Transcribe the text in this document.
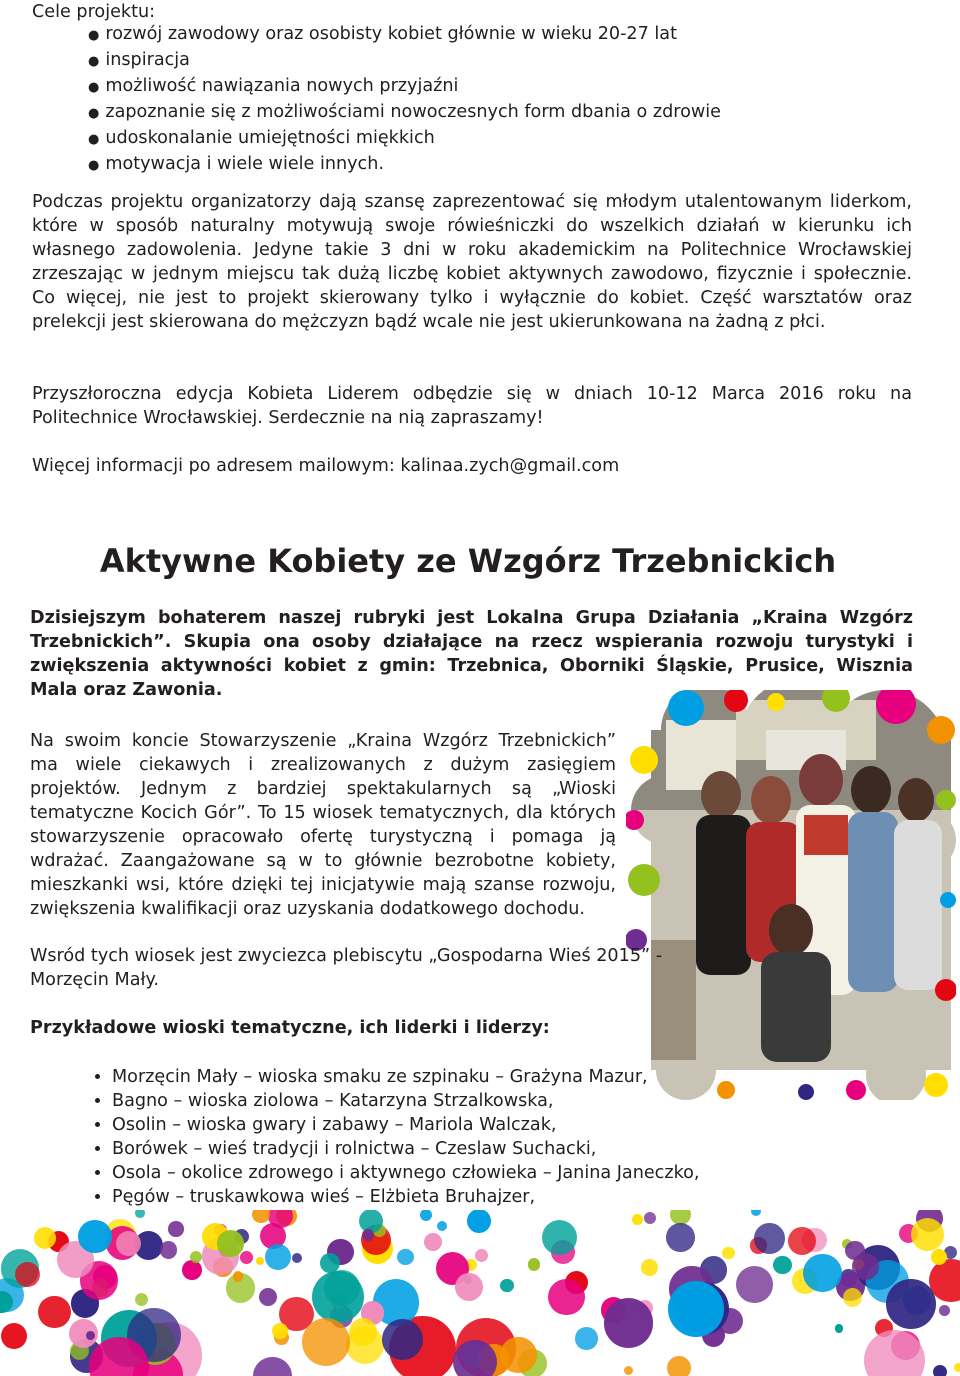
Cele projektu:
● rozwój zawodowy oraz osobisty kobiet głównie w wieku 20-27 lat
● inspiracja
● możliwość nawiązania nowych przyjaźni
● zapoznanie się z możliwościami nowoczesnych form dbania o zdrowie
● udoskonalanie umiejętności miękkich
● motywacja i wiele wiele innych.
Podczas projektu organizatorzy dają szansę zaprezentować się młodym utalentowanym liderkom, które w sposób naturalny motywują swoje rówieśniczki do wszelkich działań w kierunku ich własnego zadowolenia. Jedyne takie 3 dni w roku akademickim na Politechnice Wrocławskiej zrzeszając w jednym miejscu tak dużą liczbę kobiet aktywnych zawodowo, fizycznie i społecznie. Co więcej, nie jest to projekt skierowany tylko i wyłącznie do kobiet. Część warsztatów oraz prelekcji jest skierowana do mężczyzn bądź wcale nie jest ukierunkowana na żadną z płci.
Przyszłoroczna edycja Kobieta Liderem odbędzie się w dniach 10-12 Marca 2016 roku na Politechnice Wrocławskiej. Serdecznie na nią zapraszamy!
Więcej informacji po adresem mailowym: kalinaa.zych@gmail.com
Aktywne Kobiety ze Wzgórz Trzebnickich
Dzisiejszym bohaterem naszej rubryki jest Lokalna Grupa Działania „Kraina Wzgórz Trzebnickich”. Skupia ona osoby działające na rzecz wspierania rozwoju turystyki i zwiększenia aktywności kobiet z gmin: Trzebnica, Oborniki Śląskie, Prusice, Wisznia Mala oraz Zawonia.
Na swoim koncie Stowarzyszenie „Kraina Wzgórz Trzebnickich” ma wiele ciekawych i zrealizowanych z dużym zasięgiem projektów. Jednym z bardziej spektakularnych są „Wioski tematyczne Kocich Gór”. To 15 wiosek tematycznych, dla których stowarzyszenie opracowało ofertę turystyczną i pomaga ją wdrażać. Zaangażowane są w to głównie bezrobotne kobiety, mieszkanki wsi, które dzięki tej inicjatywie mają szanse rozwoju, zwiększenia kwalifikacji oraz uzyskania dodatkowego dochodu.
Wsród tych wiosek jest zwyciezca plebiscytu „Gospodarna Wieś 2015” - Morzęcin Mały.
Przykładowe wioski tematyczne, ich liderki i liderzy:
• Morzęcin Mały – wioska smaku ze szpinaku – Grażyna Mazur,
• Bagno – wioska ziolowa – Katarzyna Strzalkowska,
• Osolin – wioska gwary i zabawy – Mariola Walczak,
• Borówek – wieś tradycji i rolnictwa – Czeslaw Suchacki,
• Osola – okolice zdrowego i aktywnego człowieka – Janina Janeczko,
• Pęgów – truskawkowa wieś – Elżbieta Bruhajzer,
